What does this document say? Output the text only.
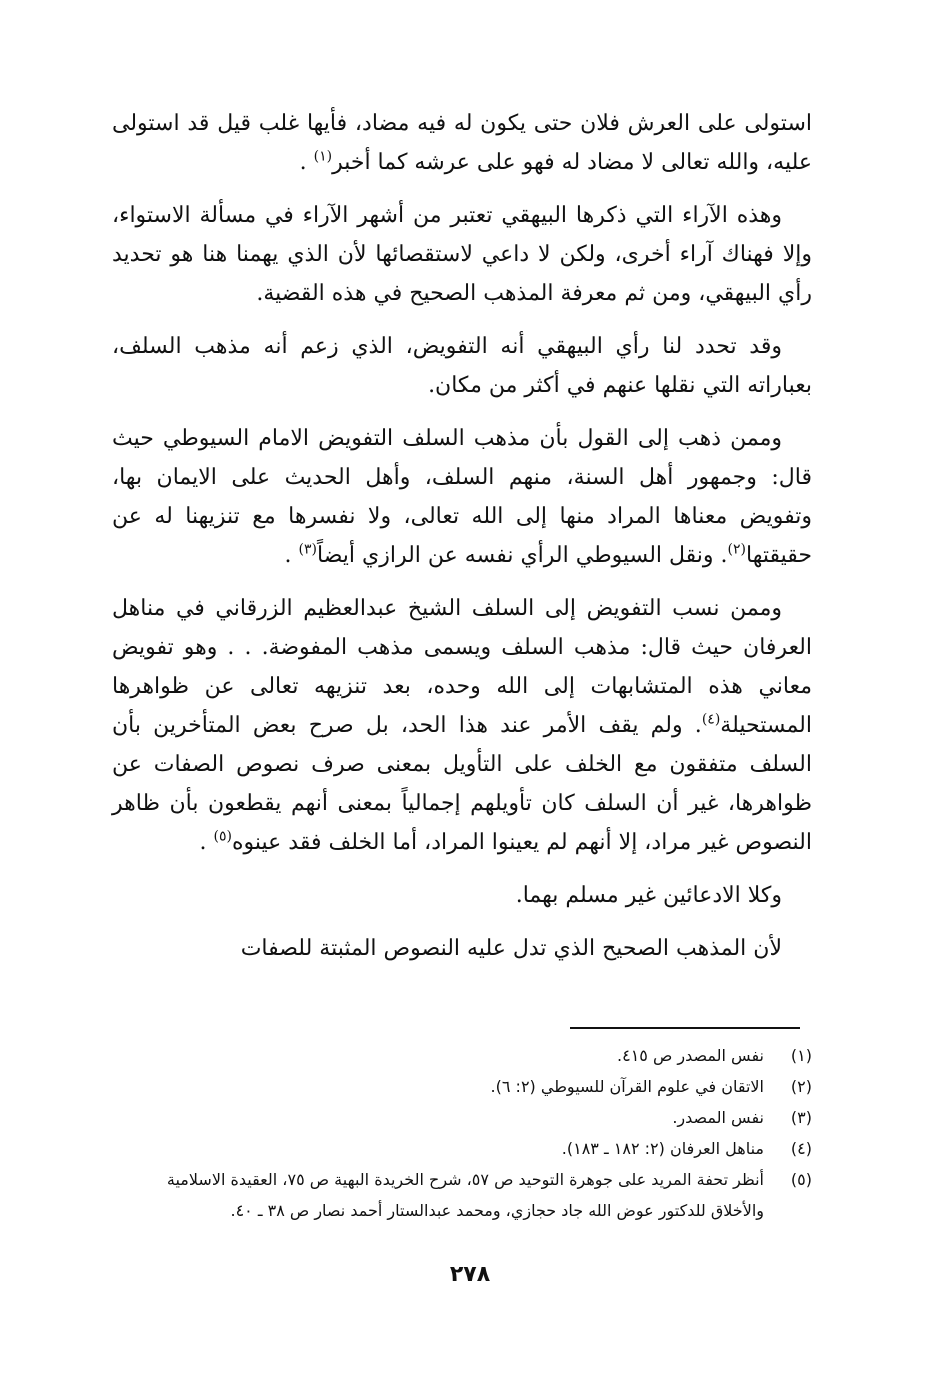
استولى على العرش فلان حتى يكون له فيه مضاد، فأيها غلب قيل قد استولى عليه، والله تعالى لا مضاد له فهو على عرشه كما أخبر$^{(١)}$ .

وهذه الآراء التي ذكرها البيهقي تعتبر من أشهر الآراء في مسألة الاستواء، وإلا فهناك آراء أخرى، ولكن لا داعي لاستقصائها لأن الذي يهمنا هنا هو تحديد رأي البيهقي، ومن ثم معرفة المذهب الصحيح في هذه القضية.

وقد تحدد لنا رأي البيهقي أنه التفويض، الذي زعم أنه مذهب السلف، بعباراته التي نقلها عنهم في أكثر من مكان.

وممن ذهب إلى القول بأن مذهب السلف التفويض الامام السيوطي حيث قال: وجمهور أهل السنة، منهم السلف، وأهل الحديث على الايمان بها، وتفويض معناها المراد منها إلى الله تعالى، ولا نفسرها مع تنزيهنا له عن حقيقتها$^{(٢)}$. ونقل السيوطي الرأي نفسه عن الرازي أيضاً$^{(٣)}$ .

وممن نسب التفويض إلى السلف الشيخ عبدالعظيم الزرقاني في مناهل العرفان حيث قال: مذهب السلف ويسمى مذهب المفوضة. . . وهو تفويض معاني هذه المتشابهات إلى الله وحده، بعد تنزيهه تعالى عن ظواهرها المستحيلة$^{(٤)}$. ولم يقف الأمر عند هذا الحد، بل صرح بعض المتأخرين بأن السلف متفقون مع الخلف على التأويل بمعنى صرف نصوص الصفات عن ظواهرها، غير أن السلف كان تأويلهم إجمالياً بمعنى أنهم يقطعون بأن ظاهر النصوص غير مراد، إلا أنهم لم يعينوا المراد، أما الخلف فقد عينوه$^{(٥)}$ .

وكلا الادعائين غير مسلم بهما.

لأن المذهب الصحيح الذي تدل عليه النصوص المثبتة للصفات

(١)
نفس المصدر ص ٤١٥.
(٢)
الاتقان في علوم القرآن للسيوطي (٢: ٦).
(٣)
نفس المصدر.
(٤)
مناهل العرفان (٢: ١٨٢ ـ ١٨٣).
(٥)
أنظر تحفة المريد على جوهرة التوحيد ص ٥٧، شرح الخريدة البهية ص ٧٥، العقيدة الاسلامية والأخلاق للدكتور عوض الله جاد حجازي، ومحمد عبدالستار أحمد نصار ص ٣٨ ـ ٤٠.
٢٧٨
